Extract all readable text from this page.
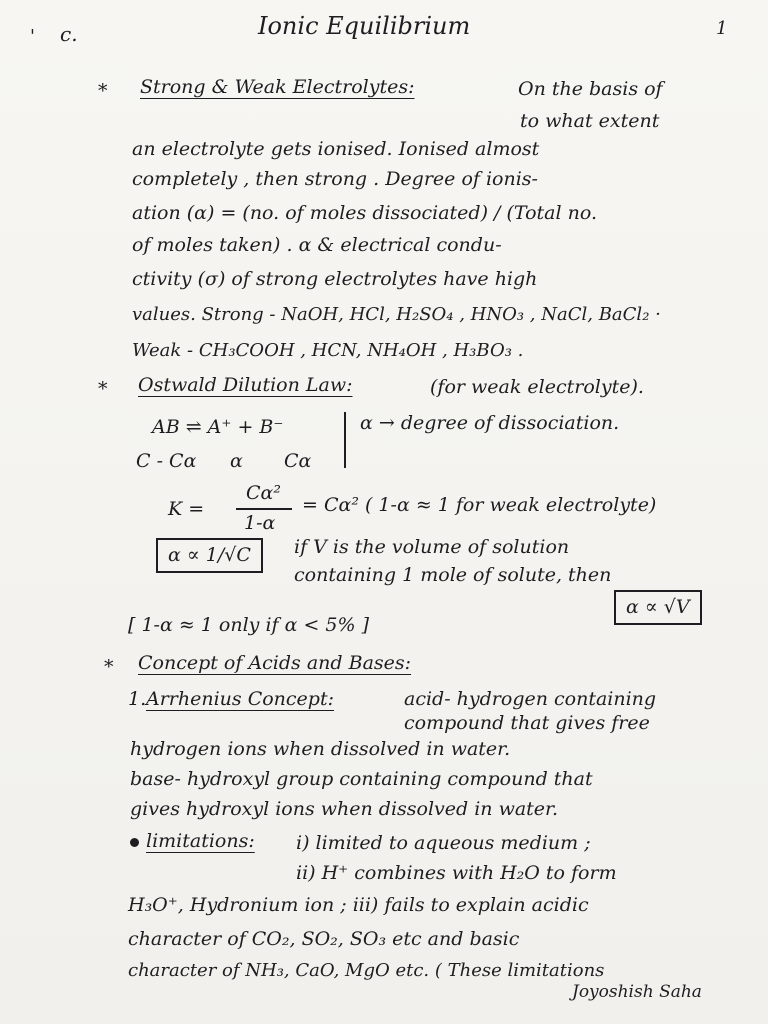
' c.	Ionic Equilibrium	1
* Strong & Weak Electrolytes:	On the basis of
to what extent
an electrolyte gets ionised. Ionised almost
completely , then strong . Degree of ionis-
ation (α) = (no. of moles dissociated) / (Total no.
of moles taken) . α & electrical condu-
ctivity (σ) of strong electrolytes have high
values. Strong - NaOH, HCl, H₂SO₄ , HNO₃ , NaCl, BaCl₂ ·
Weak - CH₃COOH , HCN, NH₄OH , H₃BO₃ .
* Ostwald Dilution Law:	(for weak electrolyte).
AB ⇌ A⁺ + B⁻
C - Cα α Cα
α → degree of dissociation.
K =
Cα²
1-α
= Cα² ( 1-α ≈ 1 for weak electrolyte)
α ∝ 1/√C	if V is the volume of solution
containing 1 mole of solute, then
α ∝ √V
[ 1-α ≈ 1 only if α < 5% ]
* Concept of Acids and Bases:
1. Arrhenius Concept:	acid- hydrogen containing
compound that gives free
hydrogen ions when dissolved in water.
base- hydroxyl group containing compound that
gives hydroxyl ions when dissolved in water.
limitations: i) limited to aqueous medium ;
ii) H⁺ combines with H₂O to form
H₃O⁺, Hydronium ion ; iii) fails to explain acidic
character of CO₂, SO₂, SO₃ etc and basic
character of NH₃, CaO, MgO etc. ( These limitations
Joyoshish Saha
